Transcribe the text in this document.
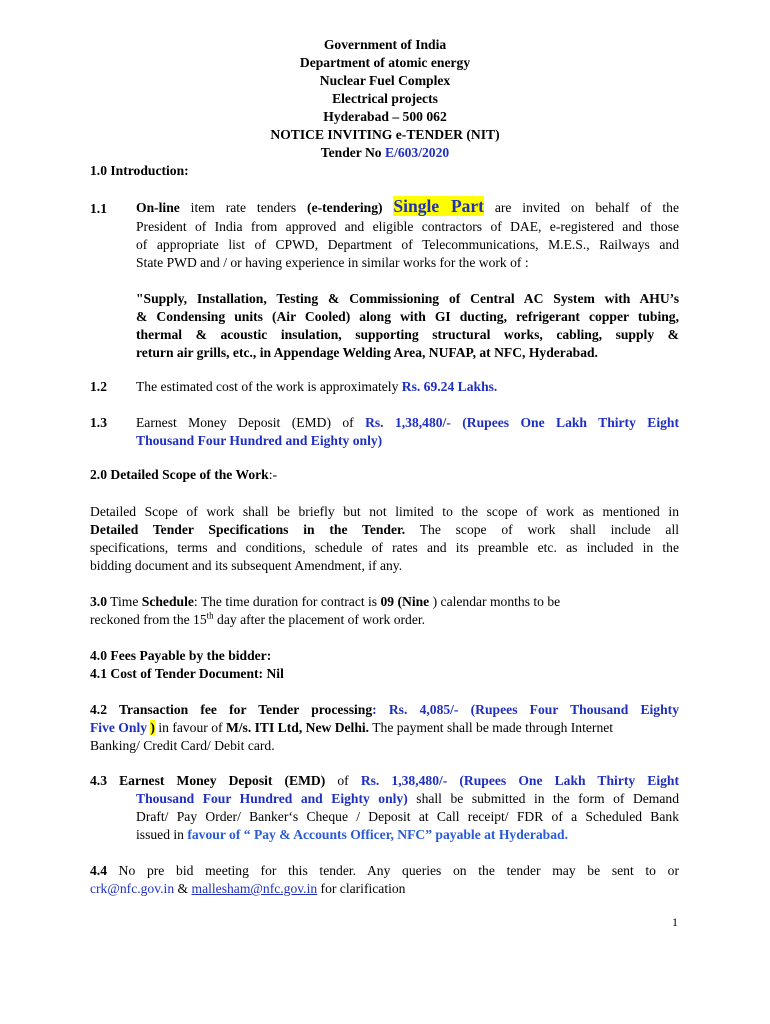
Government of India
Department of atomic energy
Nuclear Fuel Complex
Electrical projects
Hyderabad – 500 062
NOTICE INVITING e-TENDER (NIT)
Tender No E/603/2020
1.0 Introduction:
1.1 On-line item rate tenders (e-tendering) Single Part are invited on behalf of the
President of India from approved and eligible contractors of DAE, e-registered and those
of appropriate list of CPWD, Department of Telecommunications, M.E.S., Railways and
State PWD and / or having experience in similar works for the work of :
"Supply, Installation, Testing & Commissioning of Central AC System with AHU’s
& Condensing units (Air Cooled) along with GI ducting, refrigerant copper tubing,
thermal & acoustic insulation, supporting structural works, cabling, supply &
return air grills, etc., in Appendage Welding Area, NUFAP, at NFC, Hyderabad.
1.2 The estimated cost of the work is approximately Rs. 69.24 Lakhs.
1.3 Earnest Money Deposit (EMD) of Rs. 1,38,480/- (Rupees One Lakh Thirty Eight
Thousand Four Hundred and Eighty only)
2.0 Detailed Scope of the Work:-
Detailed Scope of work shall be briefly but not limited to the scope of work as mentioned in
Detailed Tender Specifications in the Tender. The scope of work shall include all
specifications, terms and conditions, schedule of rates and its preamble etc. as included in the
bidding document and its subsequent Amendment, if any.
3.0 Time Schedule: The time duration for contract is 09 (Nine ) calendar months to be
reckoned from the 15th day after the placement of work order.
4.0 Fees Payable by the bidder:
4.1 Cost of Tender Document: Nil
4.2 Transaction fee for Tender processing: Rs. 4,085/- (Rupees Four Thousand Eighty
Five Only ) in favour of M/s. ITI Ltd, New Delhi. The payment shall be made through Internet
Banking/ Credit Card/ Debit card.
4.3 Earnest Money Deposit (EMD) of Rs. 1,38,480/- (Rupees One Lakh Thirty Eight
Thousand Four Hundred and Eighty only) shall be submitted in the form of Demand
Draft/ Pay Order/ Banker‘s Cheque / Deposit at Call receipt/ FDR of a Scheduled Bank
issued in favour of “ Pay & Accounts Officer, NFC” payable at Hyderabad.
4.4 No pre bid meeting for this tender. Any queries on the tender may be sent to or
crk@nfc.gov.in & mallesham@nfc.gov.in for clarification
1
